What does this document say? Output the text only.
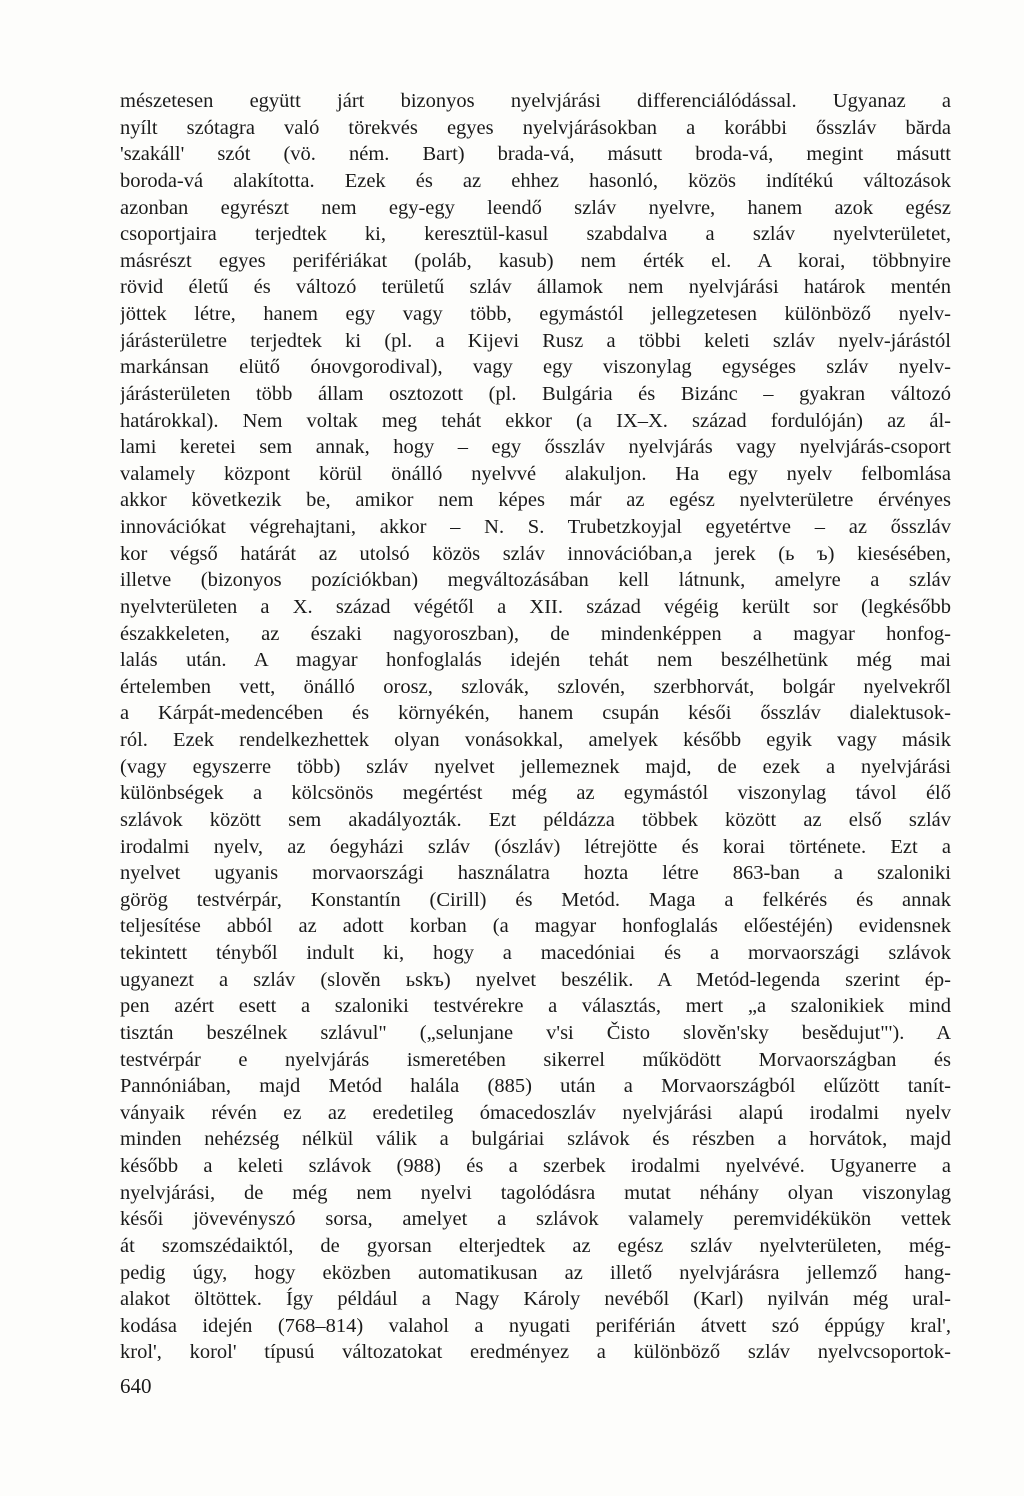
mészetesen együtt járt bizonyos nyelvjárási differenciálódással. Ugyanaz a
nyílt szótagra való törekvés egyes nyelvjárásokban a korábbi ősszláv bărda
'szakáll' szót (vö. ném. Bart) brada-vá, másutt broda-vá, megint másutt
boroda-vá alakította. Ezek és az ehhez hasonló, közös indítékú változások
azonban egyrészt nem egy-egy leendő szláv nyelvre, hanem azok egész
csoportjaira terjedtek ki, keresztül-kasul szabdalva a szláv nyelvterületet,
másrészt egyes perifériákat (poláb, kasub) nem érték el. A korai, többnyire
rövid életű és változó területű szláv államok nem nyelvjárási határok mentén
jöttek létre, hanem egy vagy több, egymástól jellegzetesen különböző nyelv-
járásterületre terjedtek ki (pl. a Kijevi Rusz a többi keleti szláv nyelv-járástól
markánsan elütő óнovgorodival), vagy egy viszonylag egységes szláv nyelv-
járásterületen több állam osztozott (pl. Bulgária és Bizánc – gyakran változó
határokkal). Nem voltak meg tehát ekkor (a IX–X. század fordulóján) az ál-
lami keretei sem annak, hogy – egy ősszláv nyelvjárás vagy nyelvjárás-csoport
valamely központ körül önálló nyelvvé alakuljon. Ha egy nyelv felbomlása
akkor következik be, amikor nem képes már az egész nyelvterületre érvényes
innovációkat végrehajtani, akkor – N. S. Trubetzkoyjal egyetértve – az ősszláv
kor végső határát az utolsó közös szláv innovációban,a jerek (ь ъ) kiesésében,
illetve (bizonyos pozíciókban) megváltozásában kell látnunk, amelyre a szláv
nyelvterületen a X. század végétől a XII. század végéig került sor (legkésőbb
északkeleten, az északi nagyoroszban), de mindenképpen a magyar honfog-
lalás után. A magyar honfoglalás idején tehát nem beszélhetünk még mai
értelemben vett, önálló orosz, szlovák, szlovén, szerbhorvát, bolgár nyelvekről
a Kárpát-medencében és környékén, hanem csupán késői ősszláv dialektusok-
ról. Ezek rendelkezhettek olyan vonásokkal, amelyek később egyik vagy másik
(vagy egyszerre több) szláv nyelvet jellemeznek majd, de ezek a nyelvjárási
különbségek a kölcsönös megértést még az egymástól viszonylag távol élő
szlávok között sem akadályozták. Ezt példázza többek között az első szláv
irodalmi nyelv, az óegyházi szláv (ószláv) létrejötte és korai története. Ezt a
nyelvet ugyanis morvaországi használatra hozta létre 863-ban a szaloniki
görög testvérpár, Konstantín (Cirill) és Metód. Maga a felkérés és annak
teljesítése abból az adott korban (a magyar honfoglalás előestéjén) evidensnek
tekintett tényből indult ki, hogy a macedóniai és a morvaországi szlávok
ugyanezt a szláv (slověn ьskъ) nyelvet beszélik. A Metód-legenda szerint ép-
pen azért esett a szaloniki testvérekre a választás, mert „a szalonikiek mind
tisztán beszélnek szlávul" („selunjane v'si Čisto slověn'sky besědujut"'). A
testvérpár e nyelvjárás ismeretében sikerrel működött Morvaországban és
Pannóniában, majd Metód halála (885) után a Morvaországból elűzött tanít-
ványaik révén ez az eredetileg ómacedoszláv nyelvjárási alapú irodalmi nyelv
minden nehézség nélkül válik a bulgáriai szlávok és részben a horvátok, majd
később a keleti szlávok (988) és a szerbek irodalmi nyelvévé. Ugyanerre a
nyelvjárási, de még nem nyelvi tagolódásra mutat néhány olyan viszonylag
késői jövevényszó sorsa, amelyet a szlávok valamely peremvidékükön vettek
át szomszédaiktól, de gyorsan elterjedtek az egész szláv nyelvterületen, még-
pedig úgy, hogy eközben automatikusan az illető nyelvjárásra jellemző hang-
alakot öltöttek. Így például a Nagy Károly nevéből (Karl) nyilván még ural-
kodása idején (768–814) valahol a nyugati periférián átvett szó éppúgy kral',
krol', korol' típusú változatokat eredményez a különböző szláv nyelvcsoportok-
640
